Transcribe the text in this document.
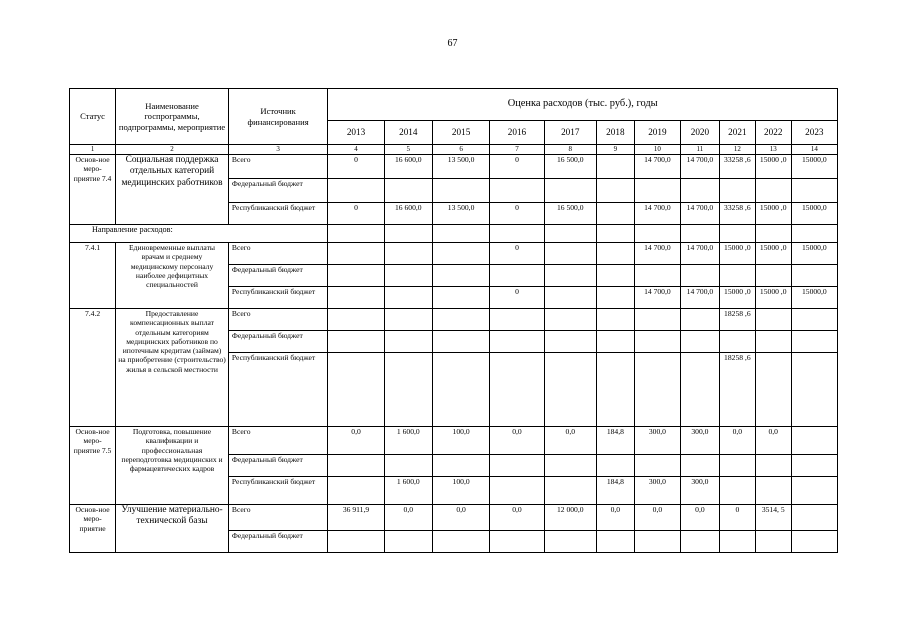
67
Статус	Наименование госпрограммы, подпрограммы, мероприятие	Источник финансирования	Оценка расходов (тыс. руб.), годы										
			2013	2014	2015	2016	2017	2018	2019	2020	2021	2022	2023
1	2	3	4	5	6	7	8	9	10	11	12	13	14
Основ-ное меро-приятие 7.4	Социальная поддержка отдельных категорий медицинских работников	Всего	0	16 600,0	13 500,0	0	16 500,0		14 700,0	14 700,0	33258 ,6	15000 ,0	15000,0
		Федеральный бюджет											
		Республиканский бюджет	0	16 600,0	13 500,0	0	16 500,0		14 700,0	14 700,0	33258 ,6	15000 ,0	15000,0
Направление расходов:													
7.4.1	Единовременные выплаты врачам и среднему медицинскому персоналу наиболее дефицитных специальностей	Всего				0			14 700,0	14 700,0	15000 ,0	15000 ,0	15000,0
		Федеральный бюджет											
		Республиканский бюджет				0			14 700,0	14 700,0	15000 ,0	15000 ,0	15000,0
7.4.2	Предоставление компенсационных выплат отдельным категориям медицинских работников по ипотечным кредитам (займам) на приобретение (строительство) жилья в сельской местности	Всего									18258 ,6		
		Федеральный бюджет											
		Республиканский бюджет									18258 ,6		
Основ-ное меро-приятие 7.5	Подготовка, повышение квалификации и профессиональная переподготовка медицинских и фармацевтических кадров	Всего	0,0	1 600,0	100,0	0,0	0,0	184,8	300,0	300,0	0,0	0,0	
		Федеральный бюджет											
		Республиканский бюджет		1 600,0	100,0			184,8	300,0	300,0			
Основ-ное меро-приятие	Улучшение материально-технической базы	Всего	36 911,9	0,0	0,0	0,0	12 000,0	0,0	0,0	0,0	0	3514, 5	
		Федеральный бюджет											
